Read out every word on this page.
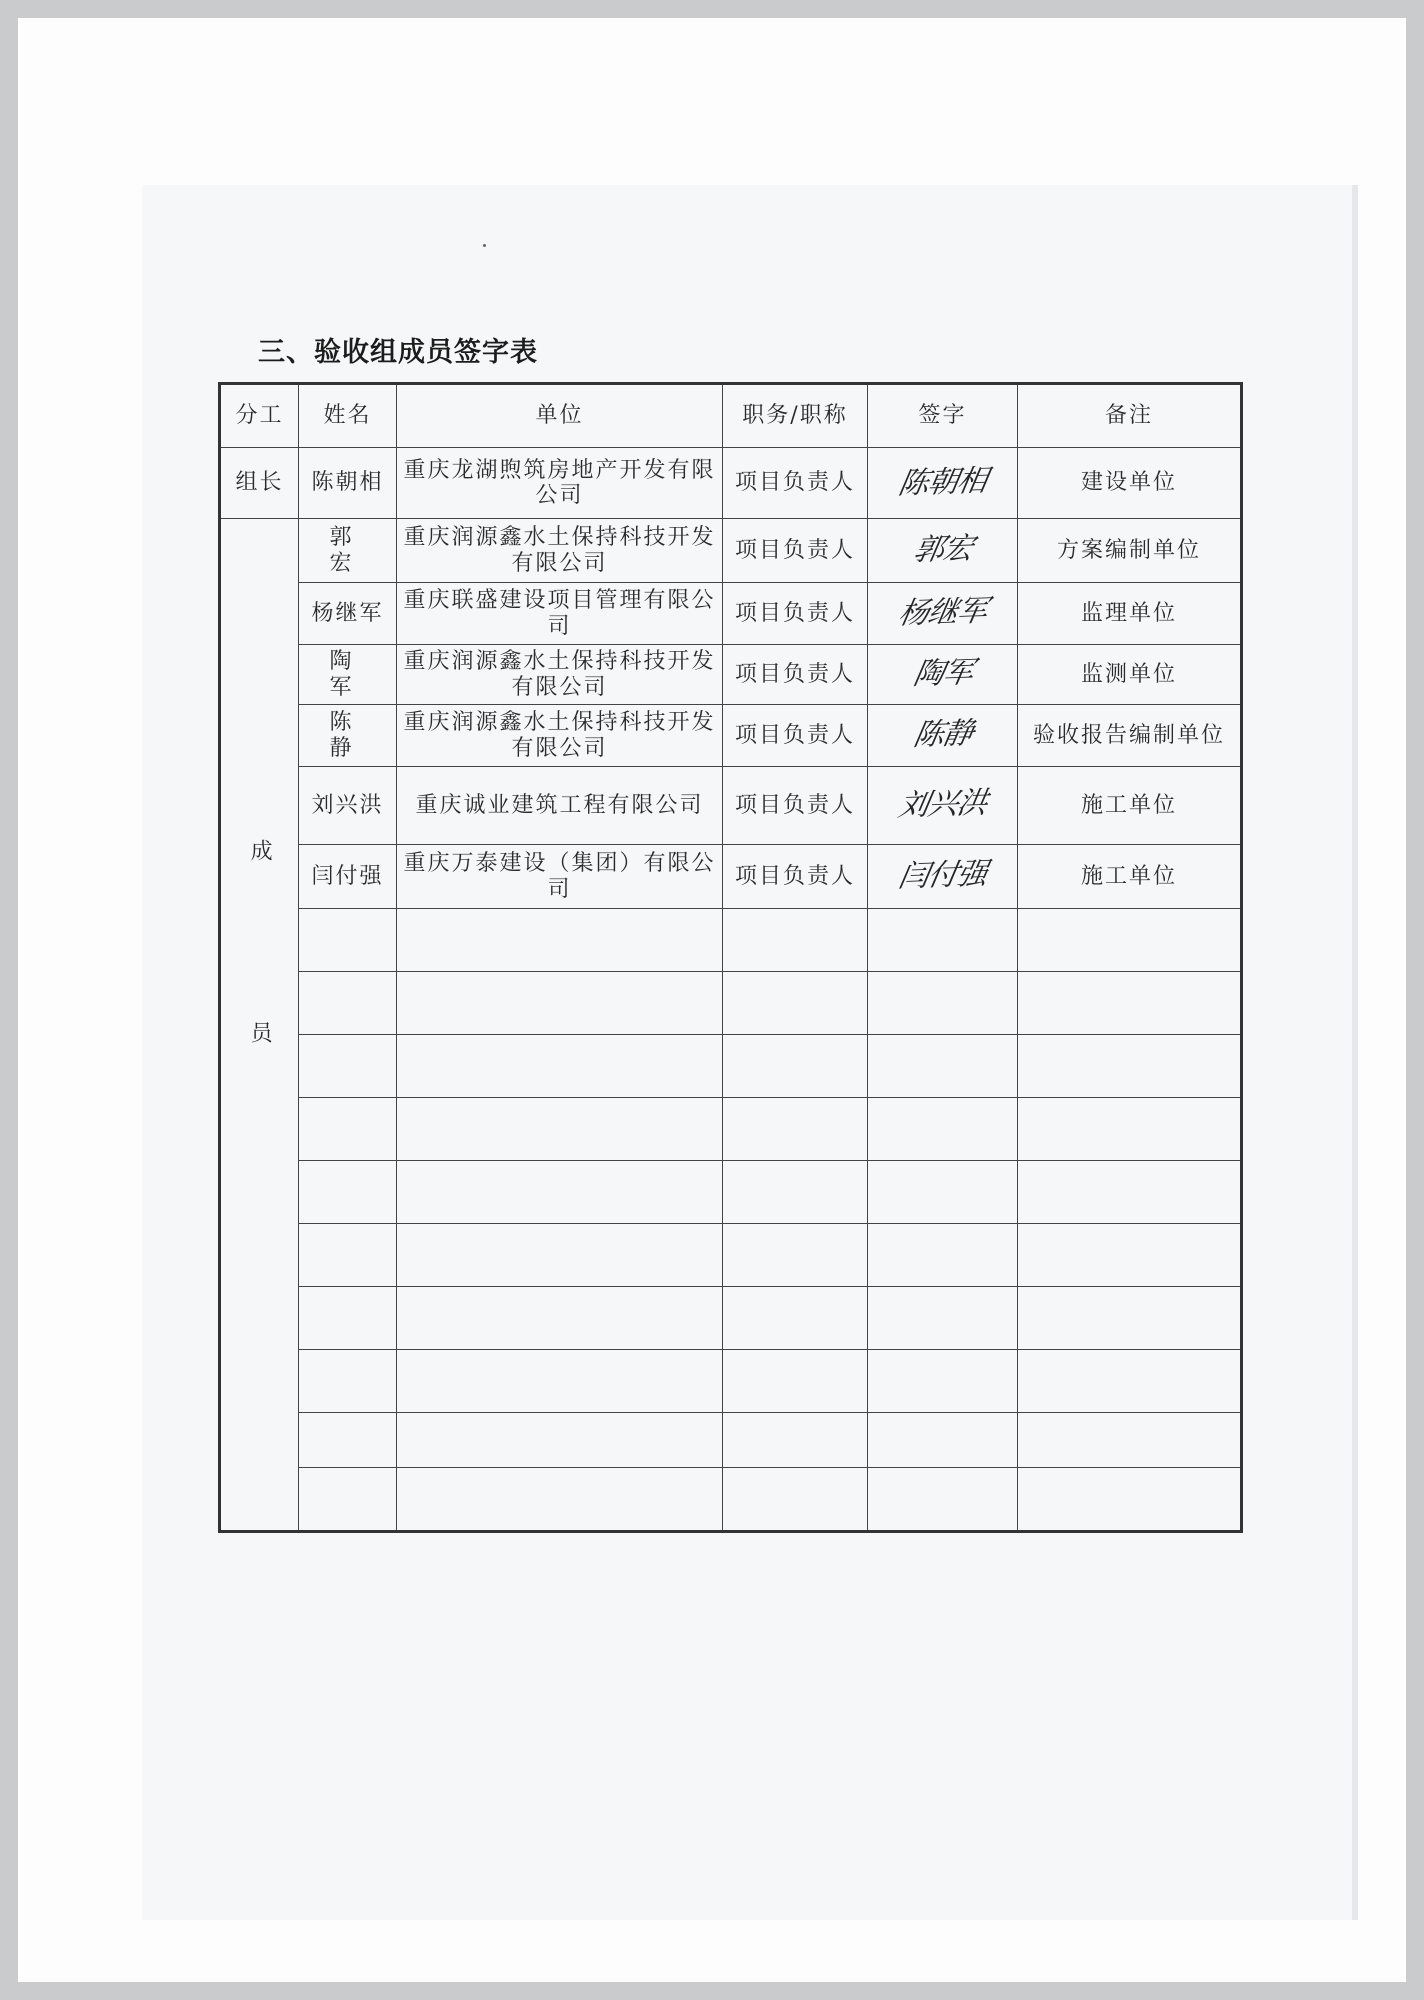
三、验收组成员签字表
分工	姓名	单位	职务/职称	签字	备注
组长	陈朝相	重庆龙湖煦筑房地产开发有限公司	项目负责人	陈朝相	建设单位
成员	郭 宏	重庆润源鑫水土保持科技开发有限公司	项目负责人	郭宏	方案编制单位
	杨继军	重庆联盛建设项目管理有限公司	项目负责人	杨继军	监理单位
	陶 军	重庆润源鑫水土保持科技开发有限公司	项目负责人	陶军	监测单位
	陈 静	重庆润源鑫水土保持科技开发有限公司	项目负责人	陈静	验收报告编制单位
	刘兴洪	重庆诚业建筑工程有限公司	项目负责人	刘兴洪	施工单位
	闫付强	重庆万泰建设（集团）有限公司	项目负责人	闫付强	施工单位
